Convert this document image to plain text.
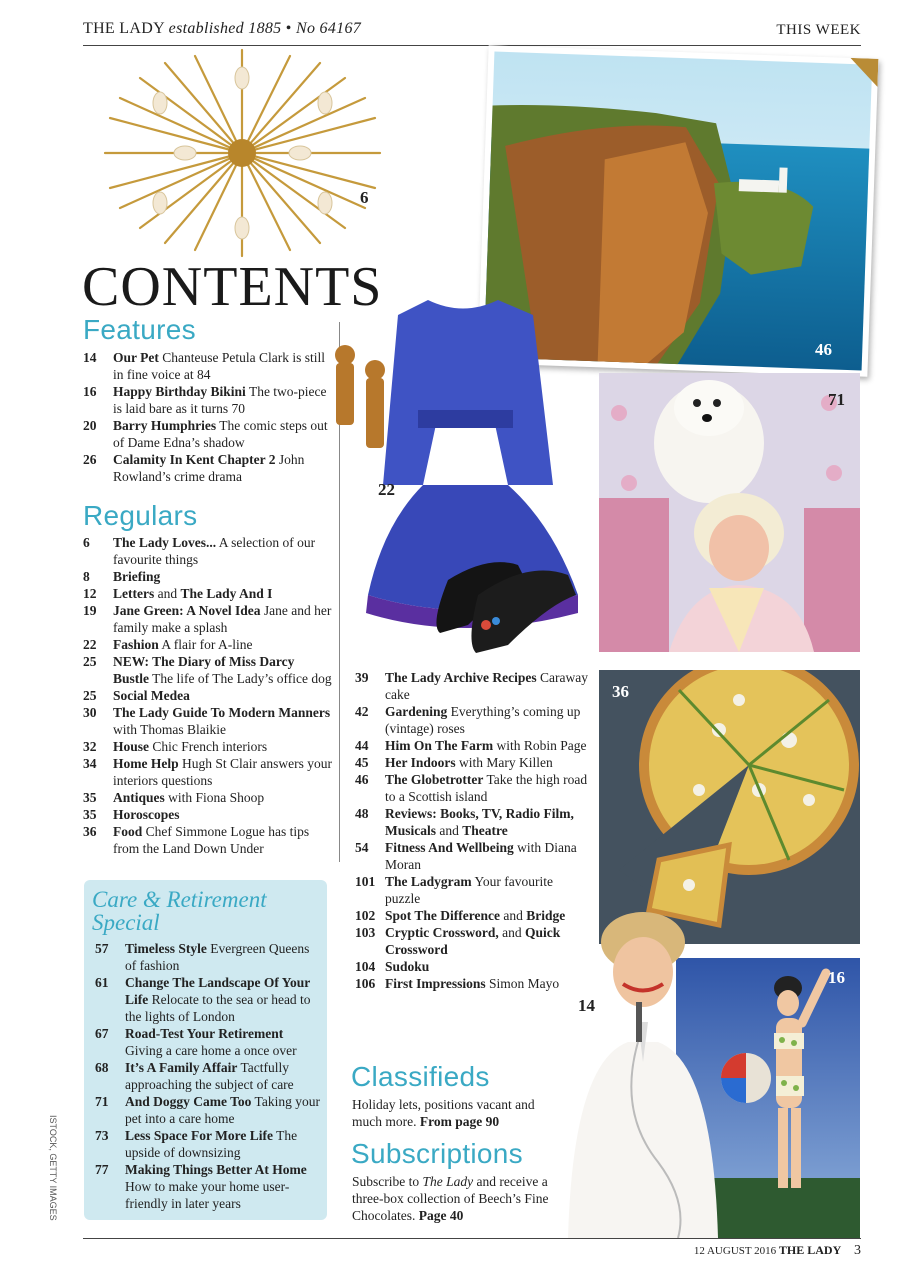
THE LADY established 1885 • No 64167	THIS WEEK
6
46
CONTENTS
Features
14	Our Pet Chanteuse Petula Clark is still in fine voice at 84
16	Happy Birthday Bikini The two-piece is laid bare as it turns 70
20	Barry Humphries The comic steps out of Dame Edna’s shadow
26	Calamity In Kent Chapter 2 John Rowland’s crime drama
Regulars
6	The Lady Loves... A selection of our favourite things
8	Briefing
12	Letters and The Lady And I
19	Jane Green: A Novel Idea Jane and her family make a splash
22	Fashion A flair for A-line
25	NEW: The Diary of Miss Darcy Bustle The life of The Lady’s office dog
25	Social Medea
30	The Lady Guide To Modern Manners with Thomas Blaikie
32	House Chic French interiors
34	Home Help Hugh St Clair answers your interiors questions
35	Antiques with Fiona Shoop
35	Horoscopes
36	Food Chef Simmone Logue has tips from the Land Down Under
22
71
36
16
14
39	The Lady Archive Recipes Caraway cake
42	Gardening Everything’s coming up (vintage) roses
44	Him On The Farm with Robin Page
45	Her Indoors with Mary Killen
46	The Globetrotter Take the high road to a Scottish island
48	Reviews: Books, TV, Radio Film, Musicals and Theatre
54	Fitness And Wellbeing with Diana Moran
101 The Ladygram Your favourite puzzle
102 Spot The Difference and Bridge
103 Cryptic Crossword, and Quick Crossword
104 Sudoku
106 First Impressions Simon Mayo
Classifieds
Holiday lets, positions vacant and much more. From page 90
Subscriptions
Subscribe to The Lady and receive a three-box collection of Beech’s Fine Chocolates. Page 40
Care & Retirement
Special
57	Timeless Style Evergreen Queens of fashion
61	Change The Landscape Of Your Life Relocate to the sea or head to the lights of London
67	Road-Test Your Retirement Giving a care home a once over
68	It’s A Family Affair Tactfully approaching the subject of care
71	And Doggy Came Too Taking your pet into a care home
73	Less Space For More Life The upside of downsizing
77	Making Things Better At Home How to make your home user-friendly in later years
ISTOCK, GETTY IMAGES
12 AUGUST 2016 THE LADY 3
